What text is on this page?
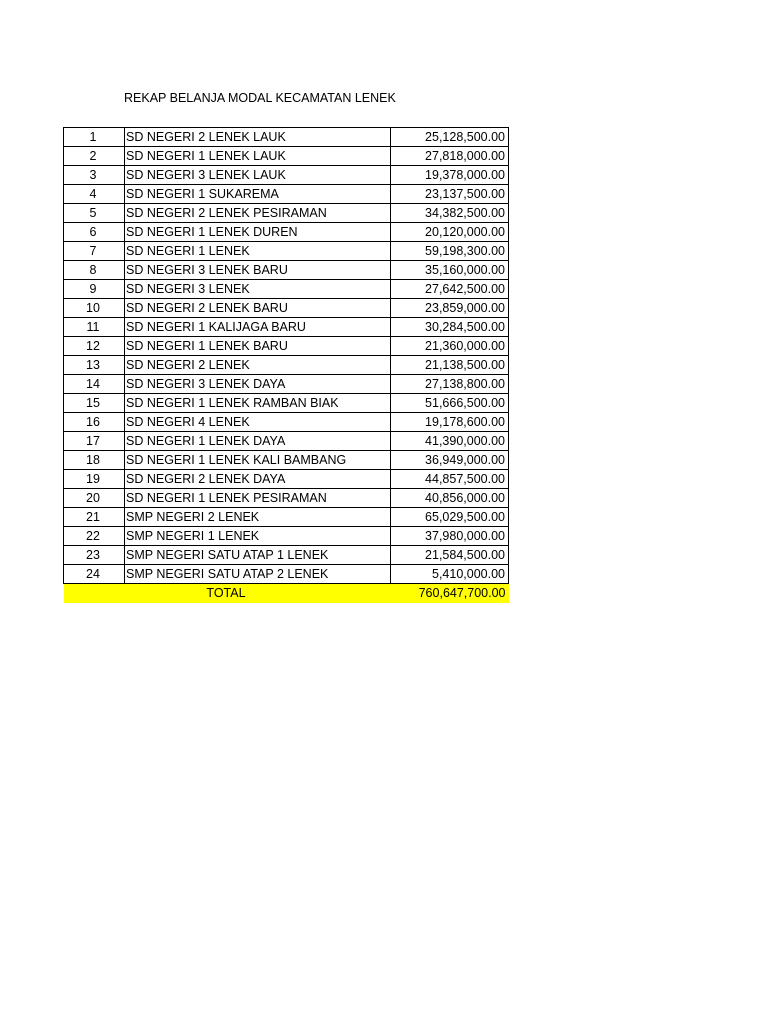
REKAP BELANJA MODAL KECAMATAN LENEK
1	SD NEGERI 2 LENEK LAUK	25,128,500.00
2	SD NEGERI 1 LENEK LAUK	27,818,000.00
3	SD NEGERI 3 LENEK LAUK	19,378,000.00
4	SD NEGERI 1 SUKAREMA	23,137,500.00
5	SD NEGERI 2 LENEK PESIRAMAN	34,382,500.00
6	SD NEGERI 1 LENEK DUREN	20,120,000.00
7	SD NEGERI 1 LENEK	59,198,300.00
8	SD NEGERI 3 LENEK BARU	35,160,000.00
9	SD NEGERI 3 LENEK	27,642,500.00
10	SD NEGERI 2 LENEK BARU	23,859,000.00
11	SD NEGERI 1 KALIJAGA BARU	30,284,500.00
12	SD NEGERI 1 LENEK BARU	21,360,000.00
13	SD NEGERI 2 LENEK	21,138,500.00
14	SD NEGERI 3 LENEK DAYA	27,138,800.00
15	SD NEGERI 1 LENEK RAMBAN BIAK	51,666,500.00
16	SD NEGERI 4 LENEK	19,178,600.00
17	SD NEGERI 1 LENEK DAYA	41,390,000.00
18	SD NEGERI 1 LENEK KALI BAMBANG	36,949,000.00
19	SD NEGERI 2 LENEK DAYA	44,857,500.00
20	SD NEGERI 1 LENEK PESIRAMAN	40,856,000.00
21	SMP NEGERI 2 LENEK	65,029,500.00
22	SMP NEGERI 1 LENEK	37,980,000.00
23	SMP NEGERI SATU ATAP 1 LENEK	21,584,500.00
24	SMP NEGERI SATU ATAP 2 LENEK	5,410,000.00
TOTAL		760,647,700.00
